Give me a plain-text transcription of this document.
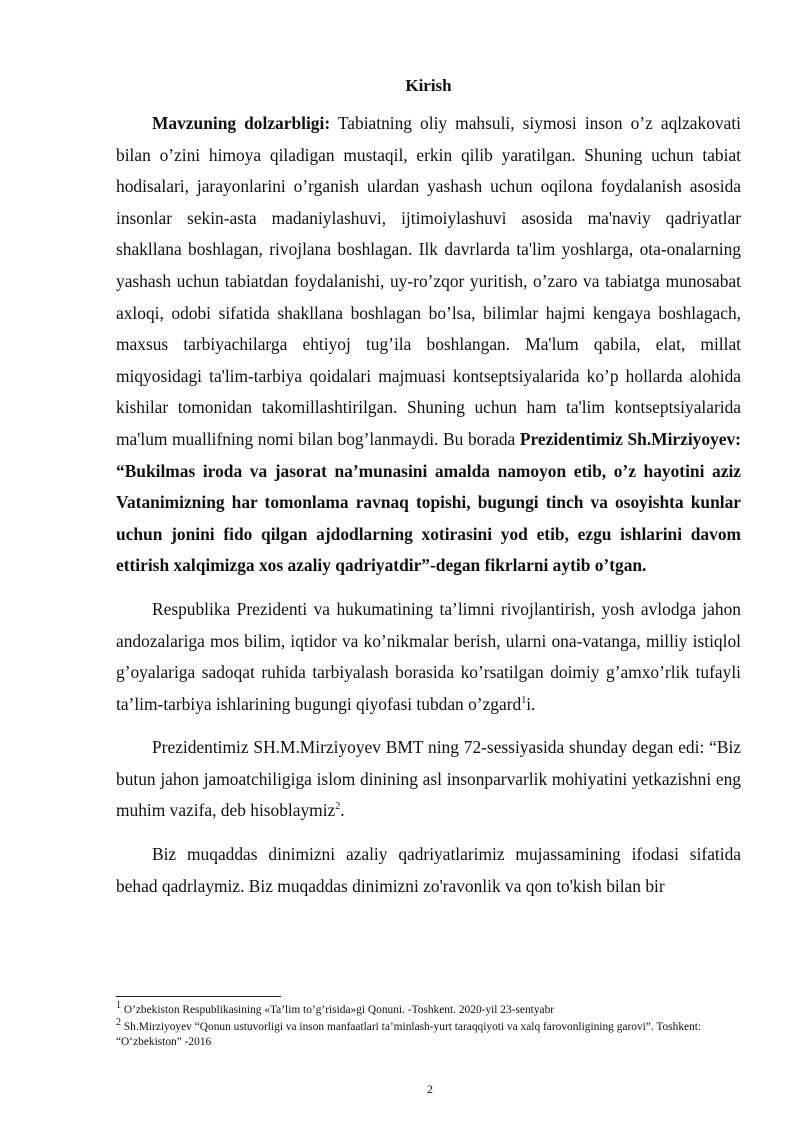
Kirish

Mavzuning dolzarbligi: Tabiatning oliy mahsuli, siymosi inson o’z aqlzakovati bilan o’zini himoya qiladigan mustaqil, erkin qilib yaratilgan. Shuning uchun tabiat hodisalari, jarayonlarini o’rganish ulardan yashash uchun oqilona foydalanish asosida insonlar sekin-asta madaniylashuvi, ijtimoiylashuvi asosida ma'naviy qadriyatlar shakllana boshlagan, rivojlana boshlagan. Ilk davrlarda ta'lim yoshlarga, ota-onalarning yashash uchun tabiatdan foydalanishi, uy-ro’zqor yuritish, o’zaro va tabiatga munosabat axloqi, odobi sifatida shakllana boshlagan bo’lsa, bilimlar hajmi kengaya boshlagach, maxsus tarbiyachilarga ehtiyoj tug’ila boshlangan. Ma'lum qabila, elat, millat miqyosidagi ta'lim-tarbiya qoidalari majmuasi kontseptsiyalarida ko’p hollarda alohida kishilar tomonidan takomillashtirilgan. Shuning uchun ham ta'lim kontseptsiyalarida ma'lum muallifning nomi bilan bog’lanmaydi. Bu borada Prezidentimiz Sh.Mirziyoyev: “Bukilmas iroda va jasorat na’munasini amalda namoyon etib, o’z hayotini aziz Vatanimizning har tomonlama ravnaq topishi, bugungi tinch va osoyishta kunlar uchun jonini fido qilgan ajdodlarning xotirasini yod etib, ezgu ishlarini davom ettirish xalqimizga xos azaliy qadriyatdir”-degan fikrlarni aytib o’tgan.

Respublika Prezidenti va hukumatining ta’limni rivojlantirish, yosh avlodga jahon andozalariga mos bilim, iqtidor va ko’nikmalar berish, ularni ona-vatanga, milliy istiqlol g’oyalariga sadoqat ruhida tarbiyalash borasida ko’rsatilgan doimiy g’amxo’rlik tufayli ta’lim-tarbiya ishlarining bugungi qiyofasi tubdan o’zgard$^1$i.

Prezidentimiz SH.M.Mirziyoyev BMT ning 72-sessiyasida shunday degan edi: “Biz butun jahon jamoatchiligiga islom dinining asl insonparvarlik mohiyatini yetkazishni eng muhim vazifa, deb hisoblaymiz$^2$.

Biz muqaddas dinimizni azaliy qadriyatlarimiz mujassamining ifodasi sifatida behad qadrlaymiz. Biz muqaddas dinimizni zo'ravonlik va qon to'kish bilan bir

$^1$ O’zbekiston Respublikasining «Ta’lim to’g’risida»gi Qonuni. -Toshkent. 2020-yil 23-sentyabr

$^2$ Sh.Mirziyoyev “Qonun ustuvorligi va inson manfaatlari ta’minlash-yurt taraqqiyoti va xalq farovonligining garovi”. Toshkent: “O‘zbekiston” -2016

2
